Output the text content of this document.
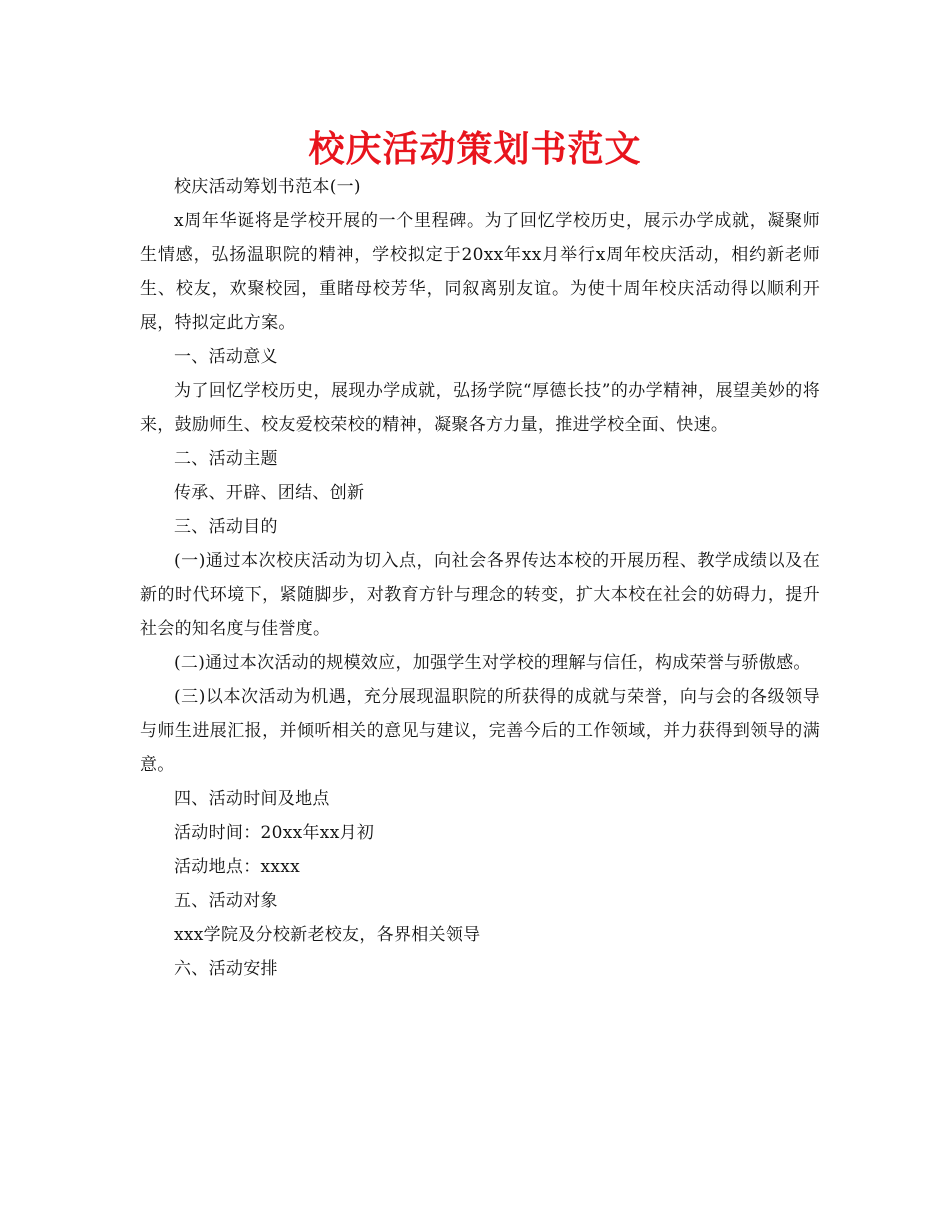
校庆活动策划书范文

校庆活动筹划书范本(一)

x周年华诞将是学校开展的一个里程碑。为了回忆学校历史，展示办学成就，凝聚师生情感，弘扬温职院的精神，学校拟定于20xx年xx月举行x周年校庆活动，相约新老师生、校友，欢聚校园，重睹母校芳华，同叙离别友谊。为使十周年校庆活动得以顺利开展，特拟定此方案。

一、活动意义

为了回忆学校历史，展现办学成就，弘扬学院“厚德长技”的办学精神，展望美妙的将来，鼓励师生、校友爱校荣校的精神，凝聚各方力量，推进学校全面、快速。

二、活动主题

传承、开辟、团结、创新

三、活动目的

(一)通过本次校庆活动为切入点，向社会各界传达本校的开展历程、教学成绩以及在新的时代环境下，紧随脚步，对教育方针与理念的转变，扩大本校在社会的妨碍力，提升社会的知名度与佳誉度。

(二)通过本次活动的规模效应，加强学生对学校的理解与信任，构成荣誉与骄傲感。

(三)以本次活动为机遇，充分展现温职院的所获得的成就与荣誉，向与会的各级领导与师生进展汇报，并倾听相关的意见与建议，完善今后的工作领域，并力获得到领导的满意。

四、活动时间及地点

活动时间：20xx年xx月初

活动地点：xxxx

五、活动对象

xxx学院及分校新老校友，各界相关领导

六、活动安排
